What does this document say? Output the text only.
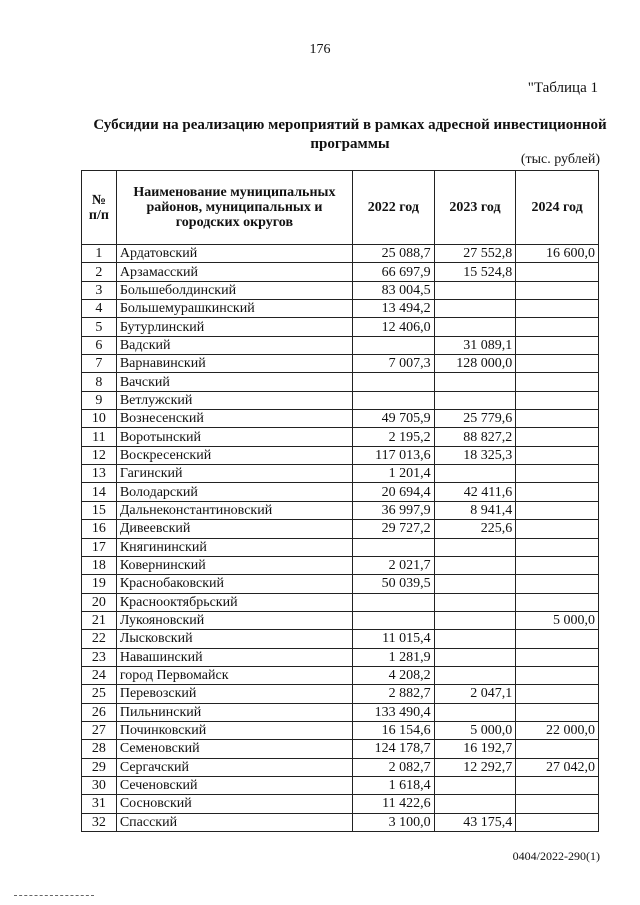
176
"Таблица 1
Субсидии на реализацию мероприятий в рамках адресной инвестиционной программы
(тыс. рублей)
№ п/п	Наименование муниципальных районов, муниципальных и городских округов	2022 год	2023 год	2024 год
1	Ардатовский	25 088,7	27 552,8	16 600,0
2	Арзамасский	66 697,9	15 524,8	
3	Большеболдинский	83 004,5		
4	Большемурашкинский	13 494,2		
5	Бутурлинский	12 406,0		
6	Вадский		31 089,1	
7	Варнавинский	7 007,3	128 000,0	
8	Вачский			
9	Ветлужский			
10	Вознесенский	49 705,9	25 779,6	
11	Воротынский	2 195,2	88 827,2	
12	Воскресенский	117 013,6	18 325,3	
13	Гагинский	1 201,4		
14	Володарский	20 694,4	42 411,6	
15	Дальнеконстантиновский	36 997,9	8 941,4	
16	Дивеевский	29 727,2	225,6	
17	Княгининский			
18	Ковернинский	2 021,7		
19	Краснобаковский	50 039,5		
20	Краснооктябрьский			
21	Лукояновский			5 000,0
22	Лысковский	11 015,4		
23	Навашинский	1 281,9		
24	город Первомайск	4 208,2		
25	Перевозский	2 882,7	2 047,1	
26	Пильнинский	133 490,4		
27	Починковский	16 154,6	5 000,0	22 000,0
28	Семеновский	124 178,7	16 192,7	
29	Сергачский	2 082,7	12 292,7	27 042,0
30	Сеченовский	1 618,4		
31	Сосновский	11 422,6		
32	Спасский	3 100,0	43 175,4	
0404/2022-290(1)
